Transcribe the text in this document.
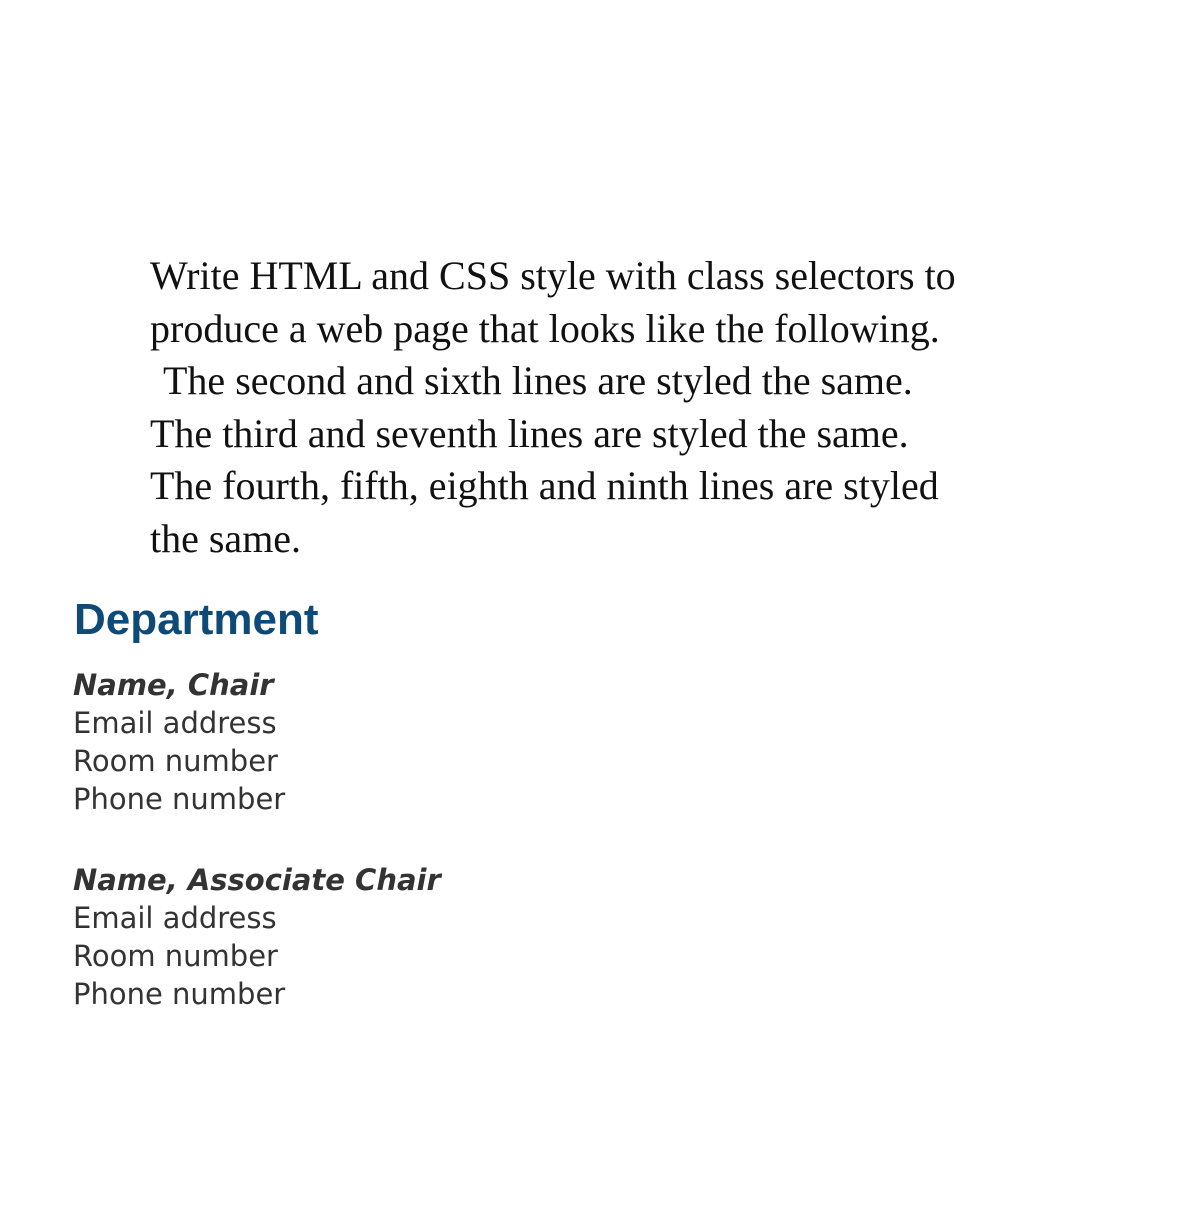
Write HTML and CSS style with class selectors to
produce a web page that looks like the following.
The second and sixth lines are styled the same.
The third and seventh lines are styled the same.
The fourth, fifth, eighth and ninth lines are styled
the same.
Department
Name, Chair
Email address
Room number
Phone number
Name, Associate Chair
Email address
Room number
Phone number
